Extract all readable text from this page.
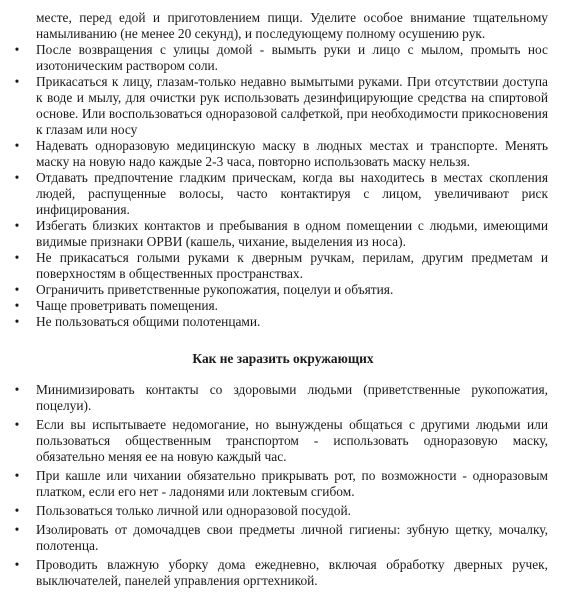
месте, перед едой и приготовлением пищи. Уделите особое внимание тщательному намыливанию (не менее 20 секунд), и последующему полному осушению рук.
• После возвращения с улицы домой - вымыть руки и лицо с мылом, промыть нос изотоническим раствором соли.
• Прикасаться к лицу, глазам-только недавно вымытыми руками. При отсутствии доступа к воде и мылу, для очистки рук использовать дезинфицирующие средства на спиртовой основе. Или воспользоваться одноразовой салфеткой, при необходимости прикосновения к глазам или носу
• Надевать одноразовую медицинскую маску в людных местах и транспорте. Менять маску на новую надо каждые 2-3 часа, повторно использовать маску нельзя.
• Отдавать предпочтение гладким прическам, когда вы находитесь в местах скопления людей, распущенные волосы, часто контактируя с лицом, увеличивают риск инфицирования.
• Избегать близких контактов и пребывания в одном помещении с людьми, имеющими видимые признаки ОРВИ (кашель, чихание, выделения из носа).
• Не прикасаться голыми руками к дверным ручкам, перилам, другим предметам и поверхностям в общественных пространствах.
• Ограничить приветственные рукопожатия, поцелуи и объятия.
• Чаще проветривать помещения.
• Не пользоваться общими полотенцами.
Как не заразить окружающих
• Минимизировать контакты со здоровыми людьми (приветственные рукопожатия, поцелуи).
• Если вы испытываете недомогание, но вынуждены общаться с другими людьми или пользоваться общественным транспортом - использовать одноразовую маску, обязательно меняя ее на новую каждый час.
• При кашле или чихании обязательно прикрывать рот, по возможности - одноразовым платком, если его нет - ладонями или локтевым сгибом.
• Пользоваться только личной или одноразовой посудой.
• Изолировать от домочадцев свои предметы личной гигиены: зубную щетку, мочалку, полотенца.
• Проводить влажную уборку дома ежедневно, включая обработку дверных ручек, выключателей, панелей управления оргтехникой.
